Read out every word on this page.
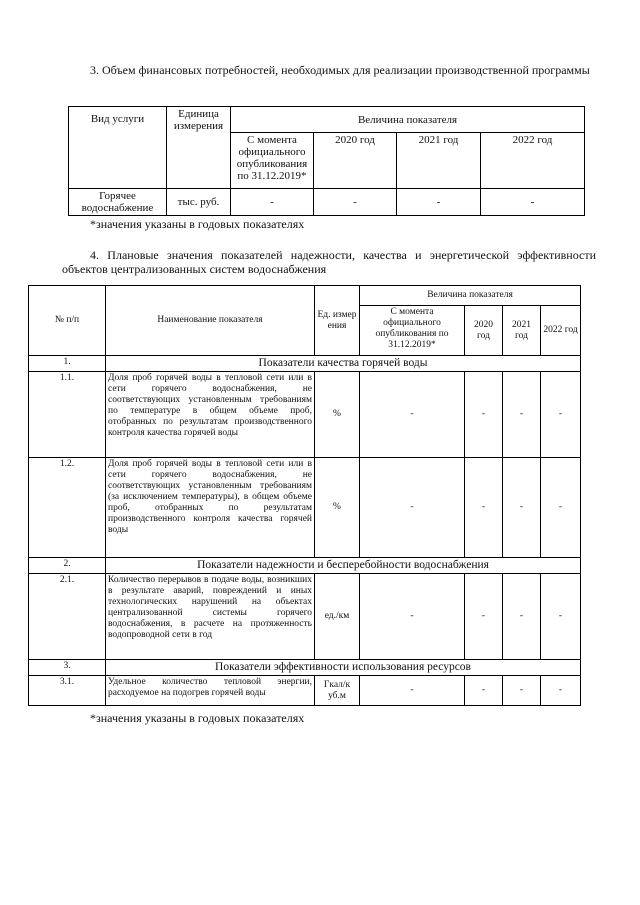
3. Объем финансовых потребностей, необходимых для реализации производственной программы
Вид услуги	Единица измерения	Величина показателя			
		С момента официального опубликования по 31.12.2019*	2020 год	2021 год	2022 год
Горячее водоснабжение	тыс. руб.	-	-	-	-
*значения указаны в годовых показателях
4. Плановые значения показателей надежности, качества и энергетической эффективности объектов централизованных систем водоснабжения
№ п/п	Наименование показателя	Ед. измер ения	Величина показателя			
			С момента официального опубликования по 31.12.2019*	2020 год	2021 год	2022 год
1.	Показатели качества горячей воды					
1.1.	Доля проб горячей воды в тепловой сети или в сети горячего водоснабжения, не соответствующих установленным требованиям по температуре в общем объеме проб, отобранных по результатам производственного контроля качества горячей воды	%	-	-	-	-
1.2.	Доля проб горячей воды в тепловой сети или в сети горячего водоснабжения, не соответствующих установленным требованиям (за исключением температуры), в общем объеме проб, отобранных по результатам производственного контроля качества горячей воды	%	-	-	-	-
2.	Показатели надежности и бесперебойности водоснабжения					
2.1.	Количество перерывов в подаче воды, возникших в результате аварий, повреждений и иных технологических нарушений на объектах централизованной системы горячего водоснабжения, в расчете на протяженность водопроводной сети в год	ед./км	-	-	-	-
3.	Показатели эффективности использования ресурсов					
3.1.	Удельное количество тепловой энергии, расходуемое на подогрев горячей воды	Гкал/к уб.м	-	-	-	-
*значения указаны в годовых показателях
